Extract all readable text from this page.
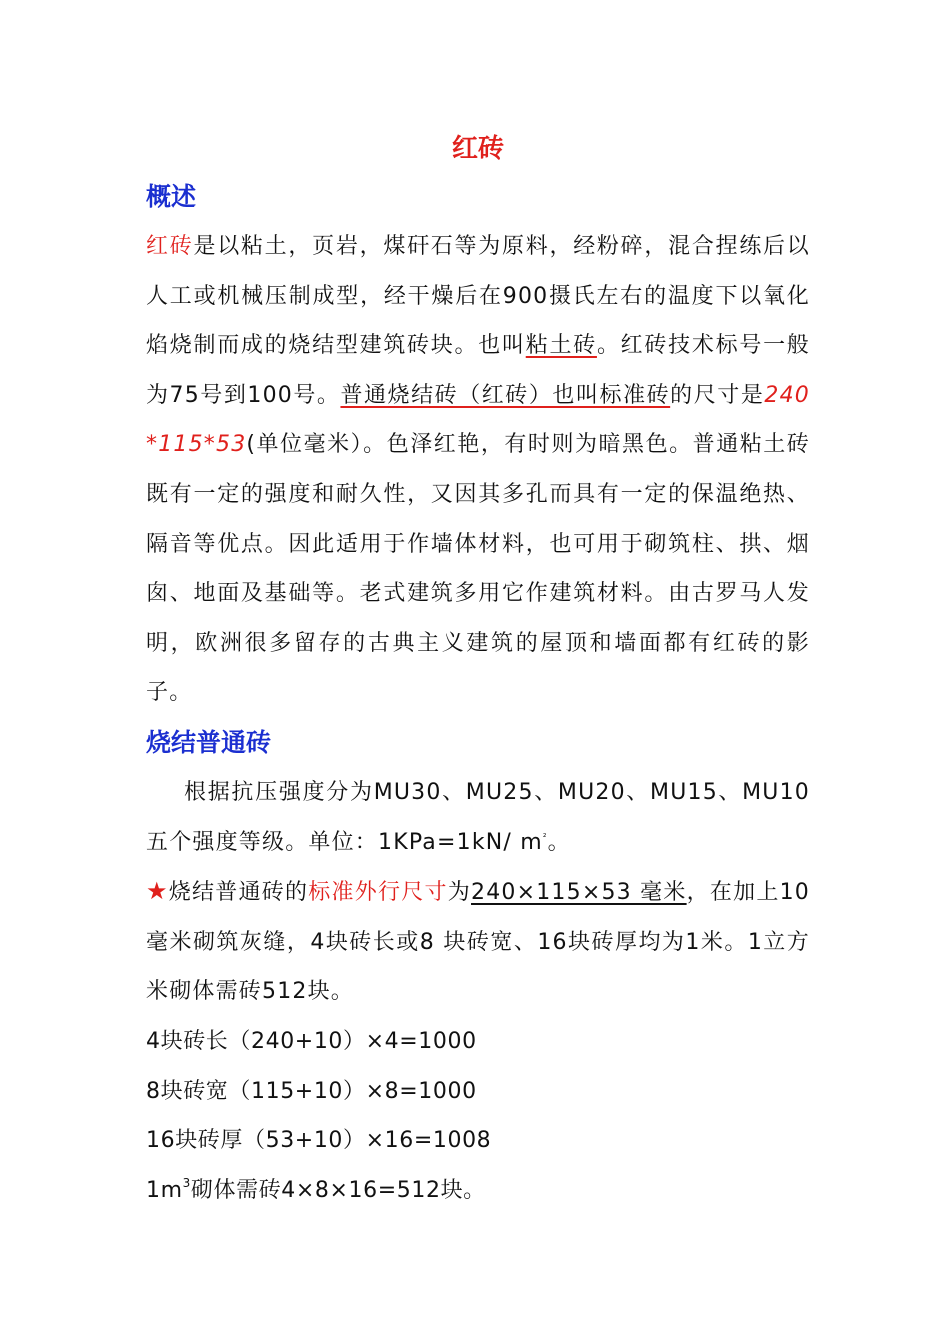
红砖
概述

红砖是以粘土，页岩，煤矸石等为原料，经粉碎，混合捏练后以人工或机械压制成型，经干燥后在900摄氏左右的温度下以氧化焰烧制而成的烧结型建筑砖块。也叫粘土砖。红砖技术标号一般为75号到100号。普通烧结砖（红砖）也叫标准砖的尺寸是240*115*53(单位毫米）。色泽红艳，有时则为暗黑色。普通粘土砖既有一定的强度和耐久性，又因其多孔而具有一定的保温绝热、隔音等优点。因此适用于作墙体材料，也可用于砌筑柱、拱、烟囱、地面及基础等。老式建筑多用它作建筑材料。由古罗马人发明，欧洲很多留存的古典主义建筑的屋顶和墙面都有红砖的影子。

烧结普通砖

根据抗压强度分为MU30、MU25、MU20、MU15、MU10 五个强度等级。单位：1KPa=1kN/ $m^{^2}$。

★烧结普通砖的标准外行尺寸为240×115×53 毫米，在加上10毫米砌筑灰缝，4块砖长或8 块砖宽、16块砖厚均为1米。1立方米砌体需砖512块。

4块砖长（240+10）×4=1000

8块砖宽（115+10）×8=1000

16块砖厚（53+10）×16=1008

$1m^3$砌体需砖4×8×16=512块。
